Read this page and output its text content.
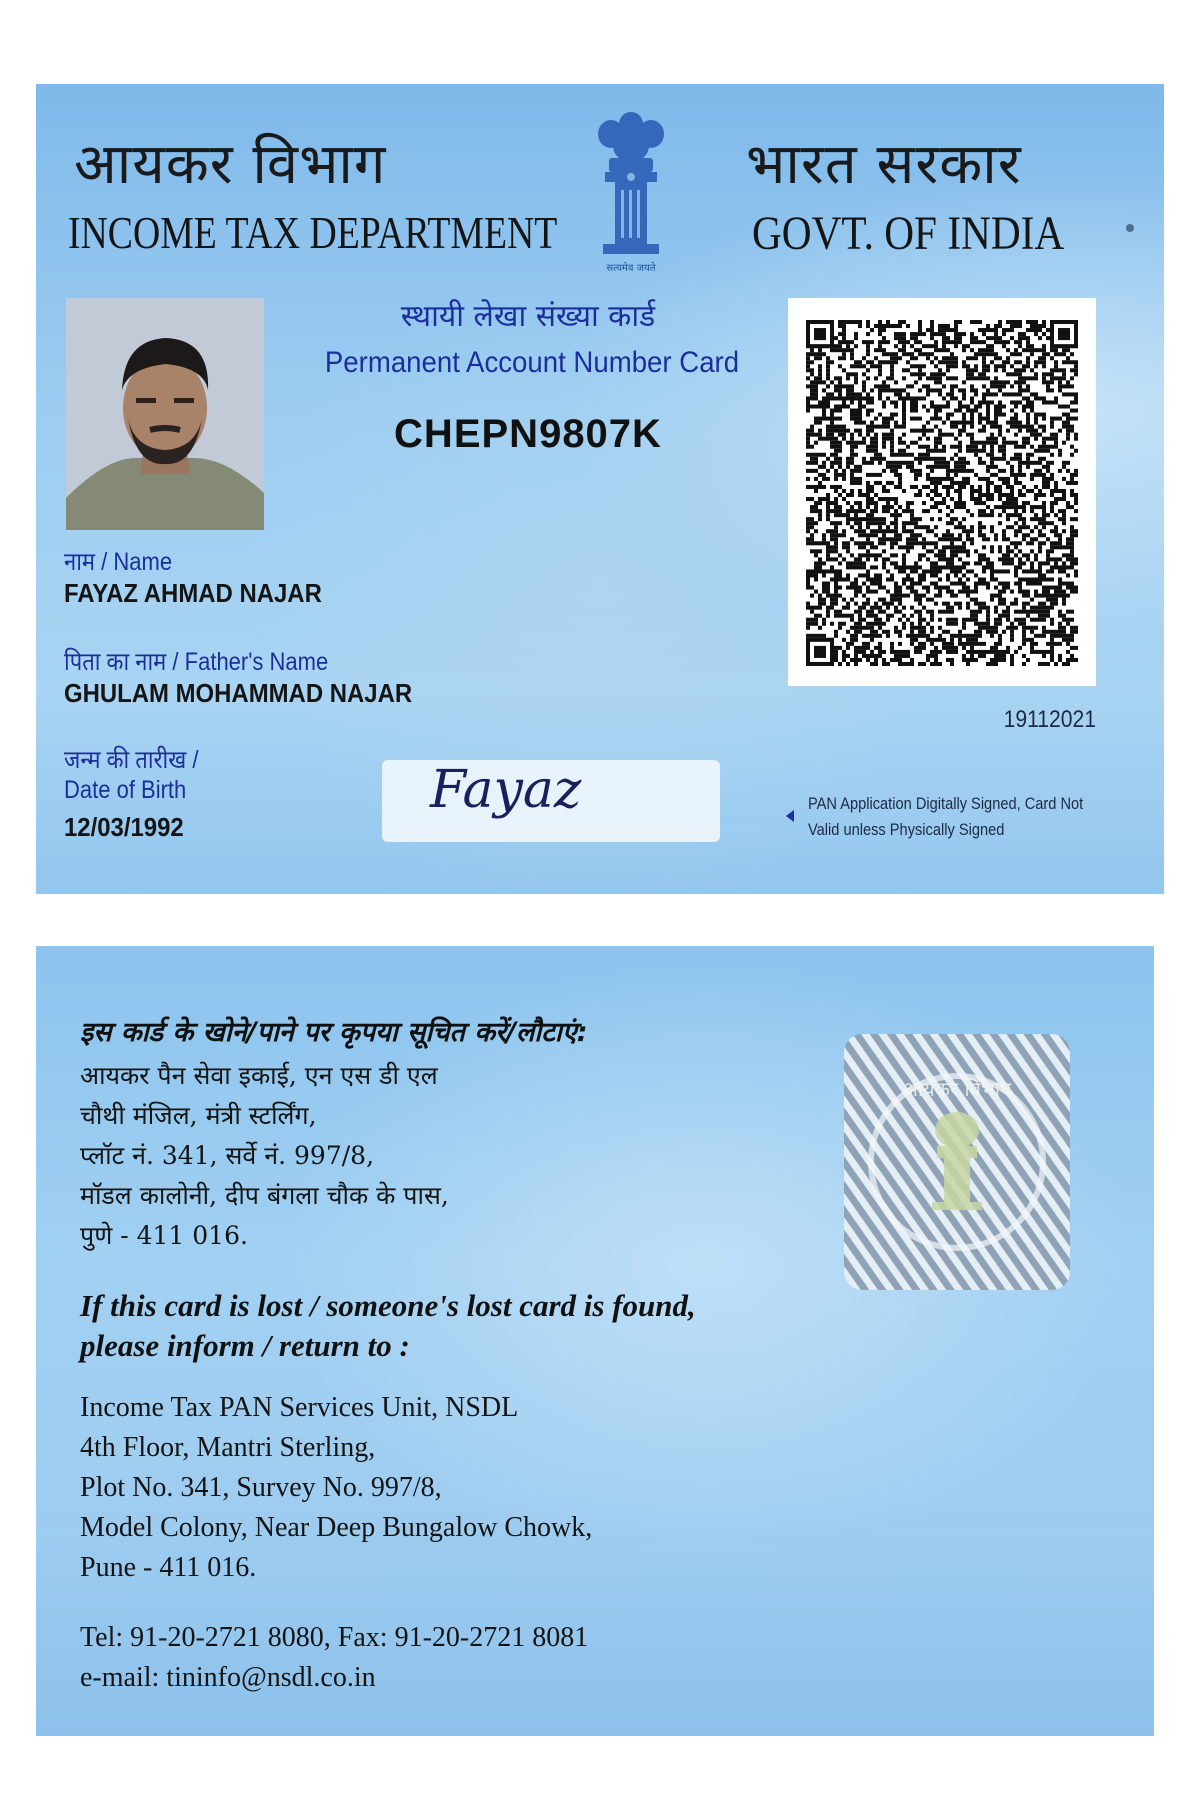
आयकर विभाग
INCOME TAX DEPARTMENT
सत्यमेव जयते
भारत सरकार
GOVT. OF INDIA
स्थायी लेखा संख्या कार्ड
Permanent Account Number Card
CHEPN9807K
नाम / Name
FAYAZ AHMAD NAJAR
पिता का नाम / Father's Name
GHULAM MOHAMMAD NAJAR
19112021
जन्म की तारीख /
Date of Birth
12/03/1992
Fayaz	PAN Application Digitally Signed, Card Not
Valid unless Physically Signed
इस कार्ड के खोने/पाने पर कृपया सूचित करें/लौटाएं:
आयकर पैन सेवा इकाई, एन एस डी एल
चौथी मंजिल, मंत्री स्टर्लिंग,
प्लॉट नं. 341, सर्वे नं. 997/8,
मॉडल कालोनी, दीप बंगला चौक के पास,
पुणे - 411 016.
If this card is lost / someone's lost card is found,
please inform / return to :
Income Tax PAN Services Unit, NSDL
4th Floor, Mantri Sterling,
Plot No. 341, Survey No. 997/8,
Model Colony, Near Deep Bungalow Chowk,
Pune - 411 016.
Tel: 91-20-2721 8080, Fax: 91-20-2721 8081
e-mail: tininfo@nsdl.co.in
आयकर विभाग
